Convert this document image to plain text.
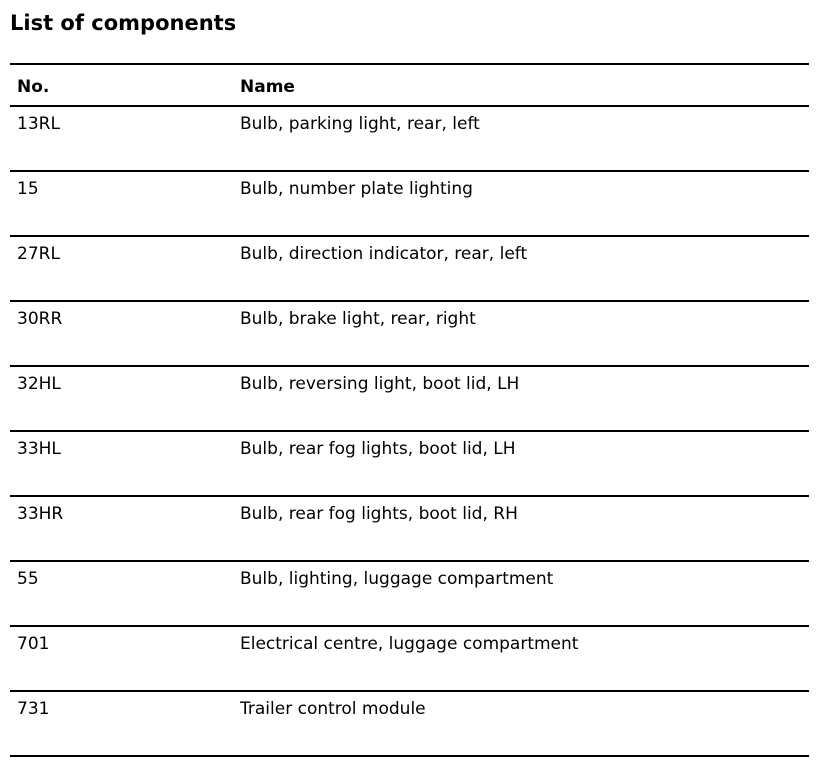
List of components
No.	Name
13RL	Bulb, parking light, rear, left
15	Bulb, number plate lighting
27RL	Bulb, direction indicator, rear, left
30RR	Bulb, brake light, rear, right
32HL	Bulb, reversing light, boot lid, LH
33HL	Bulb, rear fog lights, boot lid, LH
33HR	Bulb, rear fog lights, boot lid, RH
55	Bulb, lighting, luggage compartment
701	Electrical centre, luggage compartment
731	Trailer control module
